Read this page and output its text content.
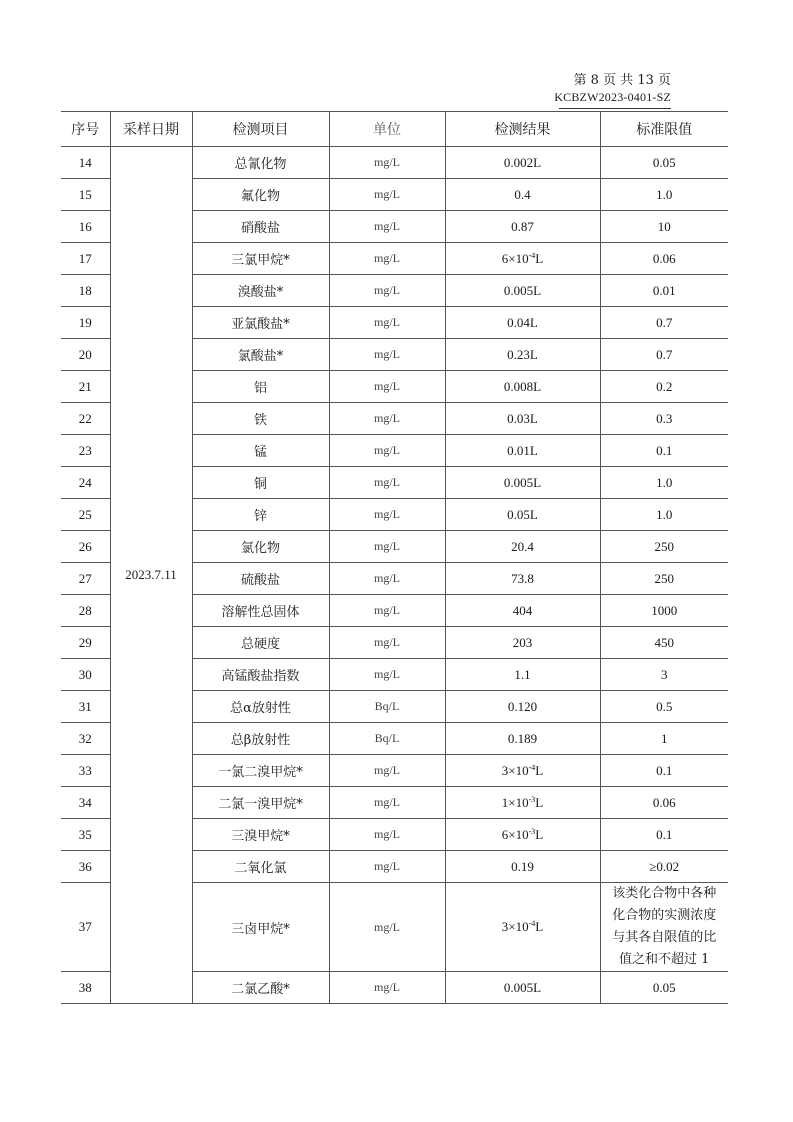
第 8 页 共 13 页
KCBZW2023-0401-SZ
序号	采样日期	检测项目	单位	检测结果	标准限值
14	2023.7.11	总氰化物	mg/L	0.002L	0.05
15		氟化物	mg/L	0.4	1.0
16		硝酸盐	mg/L	0.87	10
17		三氯甲烷*	mg/L	$6\times 10^{-4}L$	0.06
18		溴酸盐*	mg/L	0.005L	0.01
19		亚氯酸盐*	mg/L	0.04L	0.7
20		氯酸盐*	mg/L	0.23L	0.7
21		铝	mg/L	0.008L	0.2
22		铁	mg/L	0.03L	0.3
23		锰	mg/L	0.01L	0.1
24		铜	mg/L	0.005L	1.0
25		锌	mg/L	0.05L	1.0
26		氯化物	mg/L	20.4	250
27		硫酸盐	mg/L	73.8	250
28		溶解性总固体	mg/L	404	1000
29		总硬度	mg/L	203	450
30		高锰酸盐指数	mg/L	1.1	3
31		总α放射性	Bq/L	0.120	0.5
32		总β放射性	Bq/L	0.189	1
33		一氯二溴甲烷*	mg/L	$3\times 10^{-4}L$	0.1
34		二氯一溴甲烷*	mg/L	$1\times 10^{-3}L$	0.06
35		三溴甲烷*	mg/L	$6\times 10^{-3}L$	0.1
36		二氧化氯	mg/L	0.19	≥0.02
37		三卤甲烷*	mg/L	$3\times 10^{-4}L$	该类化合物中各种
化合物的实测浓度
与其各自限值的比
值之和不超过 1

38		二氯乙酸*	mg/L	0.005L	0.05
